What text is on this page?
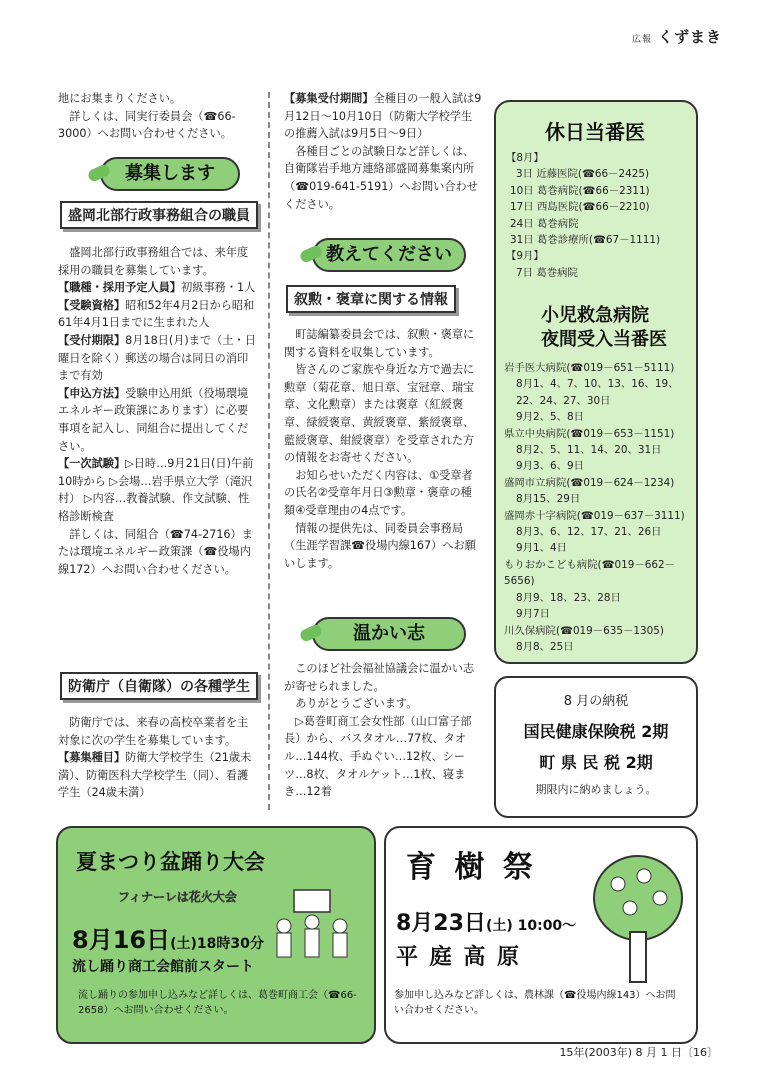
広報 くずまき

地にお集まりください。

詳しくは、同実行委員会（☎66-3000）へお問い合わせください。

募集します
盛岡北部行政事務組合の職員

盛岡北部行政事務組合では、来年度採用の職員を募集しています。

【職種・採用予定人員】初級事務・1人

【受験資格】昭和52年4月2日から昭和61年4月1日までに生まれた人

【受付期限】8月18日(月)まで（土・日曜日を除く）郵送の場合は同日の消印まで有効

【申込方法】受験申込用紙（役場環境エネルギー政策課にあります）に必要事項を記入し、同組合に提出してください。

【一次試験】▷日時…9月21日(日)午前10時から ▷会場…岩手県立大学（滝沢村） ▷内容…教養試験、作文試験、性格診断検査

詳しくは、同組合（☎74-2716）または環境エネルギー政策課（☎役場内線172）へお問い合わせください。

防衛庁（自衛隊）の各種学生

防衛庁では、来春の高校卒業者を主対象に次の学生を募集しています。

【募集種目】防衛大学校学生（21歳未満）、防衛医科大学校学生（同）、看護学生（24歳未満）

【募集受付期間】全種目の一般入試は9月12日～10月10日（防衛大学校学生の推薦入試は9月5日～9日）

各種目ごとの試験日など詳しくは、自衛隊岩手地方連絡部盛岡募集案内所（☎019-641-5191）へお問い合わせください。

教えてください
叙勲・褒章に関する情報

町誌編纂委員会では、叙勲・褒章に関する資料を収集しています。

皆さんのご家族や身近な方で過去に勲章（菊花章、旭日章、宝冠章、瑞宝章、文化勲章）または褒章（紅綬褒章、緑綬褒章、黄綬褒章、紫綬褒章、藍綬褒章、紺綬褒章）を受章された方の情報をお寄せください。

お知らせいただく内容は、①受章者の氏名②受章年月日③勲章・褒章の種類④受章理由の4点です。

情報の提供先は、同委員会事務局（生涯学習課☎役場内線167）へお願いします。

温かい志

このほど社会福祉協議会に温かい志が寄せられました。

ありがとうございます。

▷葛巻町商工会女性部（山口富子部長）から、バスタオル…77枚、タオル…144枚、手ぬぐい…12枚、シーツ…8枚、タオルケット…1枚、寝まき…12着

休日当番医
【8月】
3日 近藤医院(☎66－2425)
10日 葛巻病院(☎66－2311)
17日 西島医院(☎66－2210)
24日 葛巻病院
31日 葛巻診療所(☎67－1111)
【9月】
7日 葛巻病院
小児救急病院
夜間受入当番医
岩手医大病院(☎019－651－5111)
8月1、4、7、10、13、16、19、22、24、27、30日
9月2、5、8日
県立中央病院(☎019－653－1151)
8月2、5、11、14、20、31日
9月3、6、9日
盛岡市立病院(☎019－624－1234)
8月15、29日
盛岡赤十字病院(☎019－637－3111)
8月3、6、12、17、21、26日
9月1、4日
もりおかこども病院(☎019－662－5656)
8月9、18、23、28日
9月7日
川久保病院(☎019－635－1305)
8月8、25日
8 月の納税
国民健康保険税 2期
町 県 民 税 2期
期限内に納めましょう。
夏まつり盆踊り大会
フィナーレは花火大会
8月16日(土)18時30分
流し踊り商工会館前スタート
流し踊りの参加申し込みなど詳しくは、葛巻町商工会（☎66-2658）へお問い合わせください。
育 樹 祭
8月23日(土) 10:00～
平 庭 高 原
参加申し込みなど詳しくは、農林課（☎役場内線143）へお問い合わせください。
15年(2003年) 8 月 1 日〔16〕
